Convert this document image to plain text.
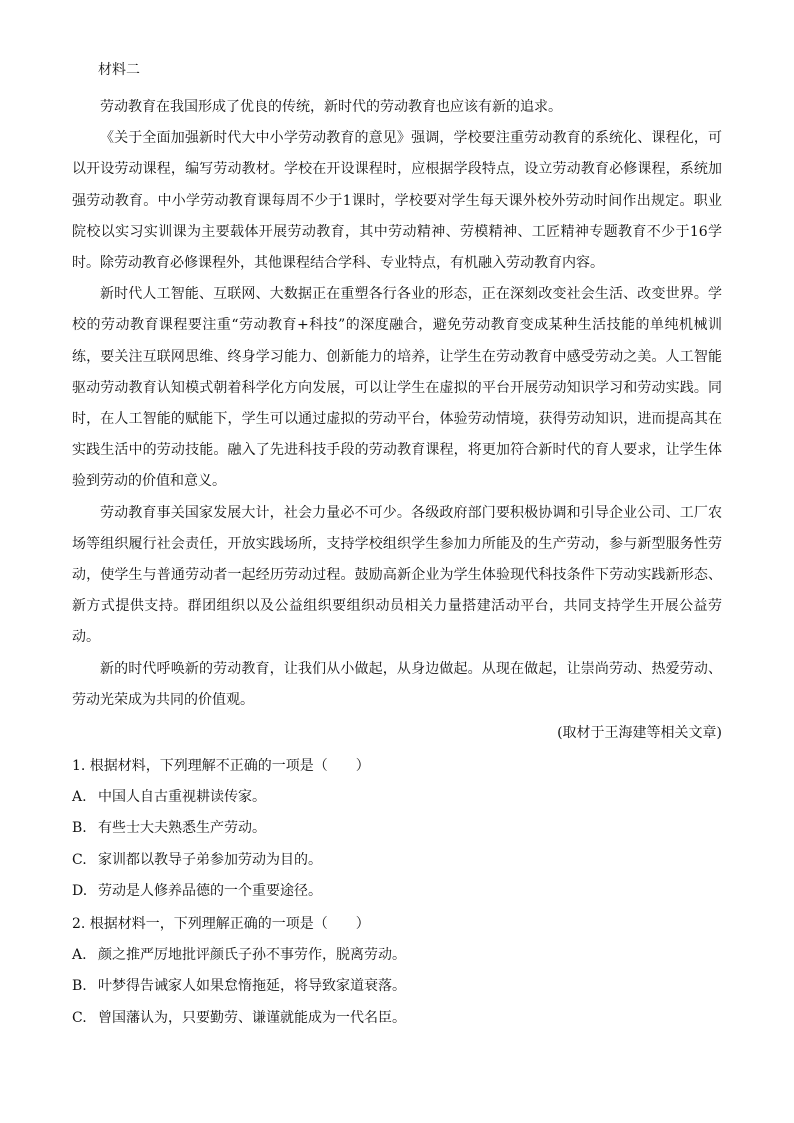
材料二

劳动教育在我国形成了优良的传统，新时代的劳动教育也应该有新的追求。

《关于全面加强新时代大中小学劳动教育的意见》强调，学校要注重劳动教育的系统化、课程化，可以开设劳动课程，编写劳动教材。学校在开设课程时，应根据学段特点，设立劳动教育必修课程，系统加强劳动教育。中小学劳动教育课每周不少于1课时，学校要对学生每天课外校外劳动时间作出规定。职业院校以实习实训课为主要载体开展劳动教育，其中劳动精神、劳模精神、工匠精神专题教育不少于16学时。除劳动教育必修课程外，其他课程结合学科、专业特点，有机融入劳动教育内容。

新时代人工智能、互联网、大数据正在重塑各行各业的形态，正在深刻改变社会生活、改变世界。学校的劳动教育课程要注重“劳动教育+科技”的深度融合，避免劳动教育变成某种生活技能的单纯机械训练，要关注互联网思维、终身学习能力、创新能力的培养，让学生在劳动教育中感受劳动之美。人工智能驱动劳动教育认知模式朝着科学化方向发展，可以让学生在虚拟的平台开展劳动知识学习和劳动实践。同时，在人工智能的赋能下，学生可以通过虚拟的劳动平台，体验劳动情境，获得劳动知识，进而提高其在实践生活中的劳动技能。融入了先进科技手段的劳动教育课程，将更加符合新时代的育人要求，让学生体验到劳动的价值和意义。

劳动教育事关国家发展大计，社会力量必不可少。各级政府部门要积极协调和引导企业公司、工厂农场等组织履行社会责任，开放实践场所，支持学校组织学生参加力所能及的生产劳动，参与新型服务性劳动，使学生与普通劳动者一起经历劳动过程。鼓励高新企业为学生体验现代科技条件下劳动实践新形态、新方式提供支持。群团组织以及公益组织要组织动员相关力量搭建活动平台，共同支持学生开展公益劳动。

新的时代呼唤新的劳动教育，让我们从小做起，从身边做起。从现在做起，让崇尚劳动、热爱劳动、劳动光荣成为共同的价值观。

(取材于王海建等相关文章)

1. 根据材料，下列理解不正确的一项是（　　）

A. 中国人自古重视耕读传家。
B. 有些士大夫熟悉生产劳动。
C. 家训都以教导子弟参加劳动为目的。
D. 劳动是人修养品德的一个重要途径。

2. 根据材料一，下列理解正确的一项是（　　）

A. 颜之推严厉地批评颜氏子孙不事劳作，脱离劳动。
B. 叶梦得告诫家人如果怠惰拖延，将导致家道衰落。
C. 曾国藩认为，只要勤劳、谦谨就能成为一代名臣。
